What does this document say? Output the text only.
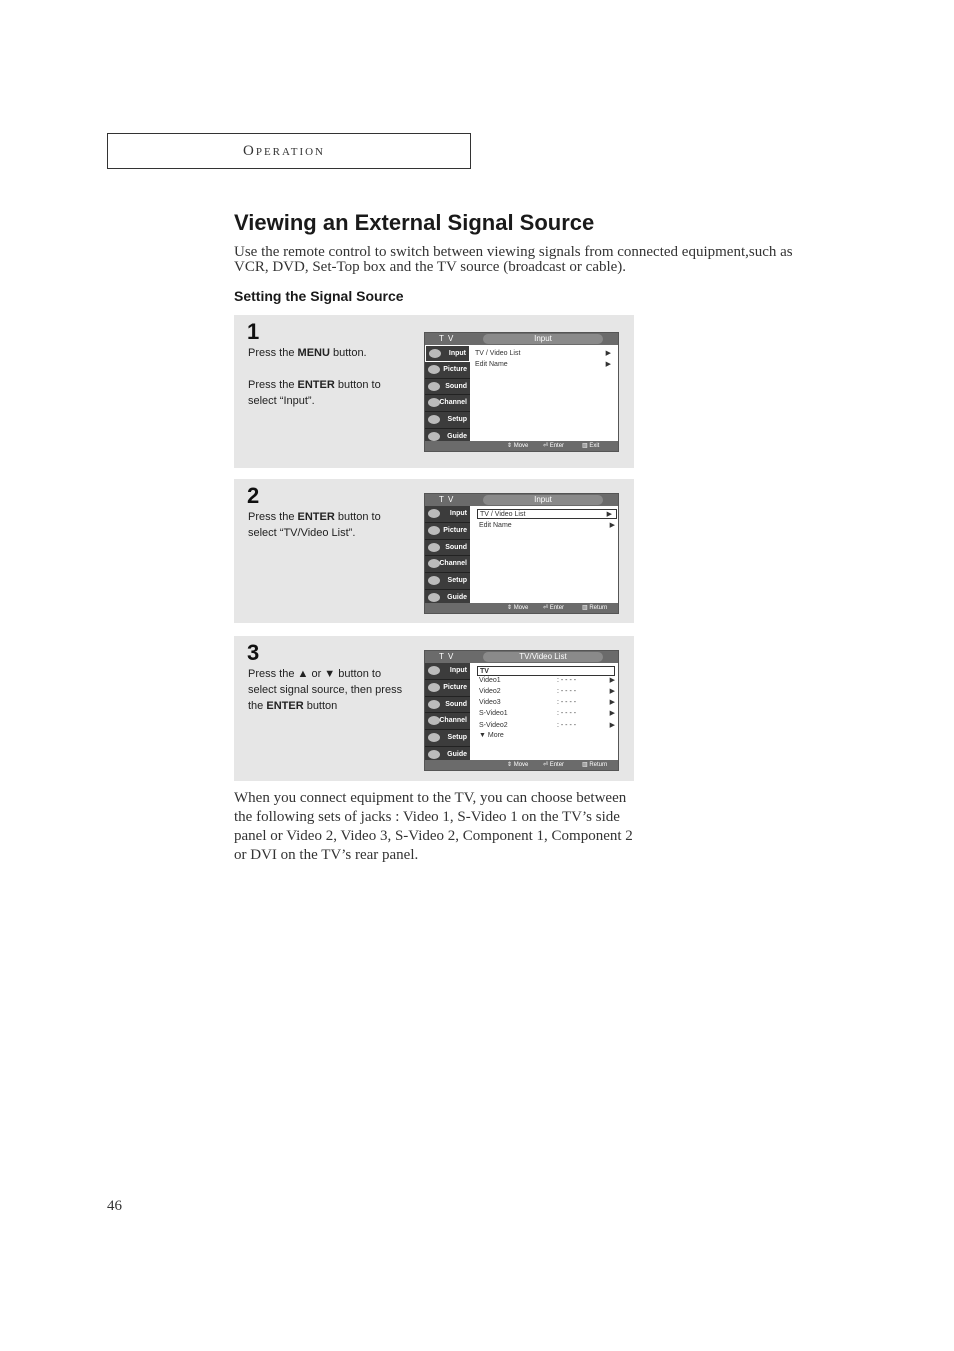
Operation
Viewing an External Signal Source
Use the remote control to switch between viewing signals from connected equipment,such as VCR, DVD, Set-Top box and the TV source (broadcast or cable).
Setting the Signal Source
1
Press the MENU button.
Press the ENTER button to select “Input”.
T V	Input
Input
Picture
Sound
Channel
Setup
Guide
TV / Video List	▶
Edit Name	▶
⇕ Move ⏎ Enter	▥ Exit
2
Press the ENTER button to select “TV/Video List”.
T V	Input
Input
Picture
Sound
Channel
Setup
Guide
TV / Video List	▶
Edit Name	▶
⇕ Move ⏎ Enter	▥ Return
3
Press the ▲ or ▼ button to select signal source, then press the ENTER button
T V	TV/Video List
Input
Picture
Sound
Channel
Setup
Guide
TV
Video1	: - - - -	▶
Video2	: - - - -	▶
Video3	: - - - -	▶
S-Video1	: - - - -	▶
S-Video2	: - - - -	▶
▼ More
⇕ Move ⏎ Enter	▥ Return
When you connect equipment to the TV, you can choose between the following sets of jacks : Video 1, S-Video 1 on the TV’s side panel or Video 2, Video 3, S-Video 2, Component 1, Component 2 or DVI on the TV’s rear panel.
46
